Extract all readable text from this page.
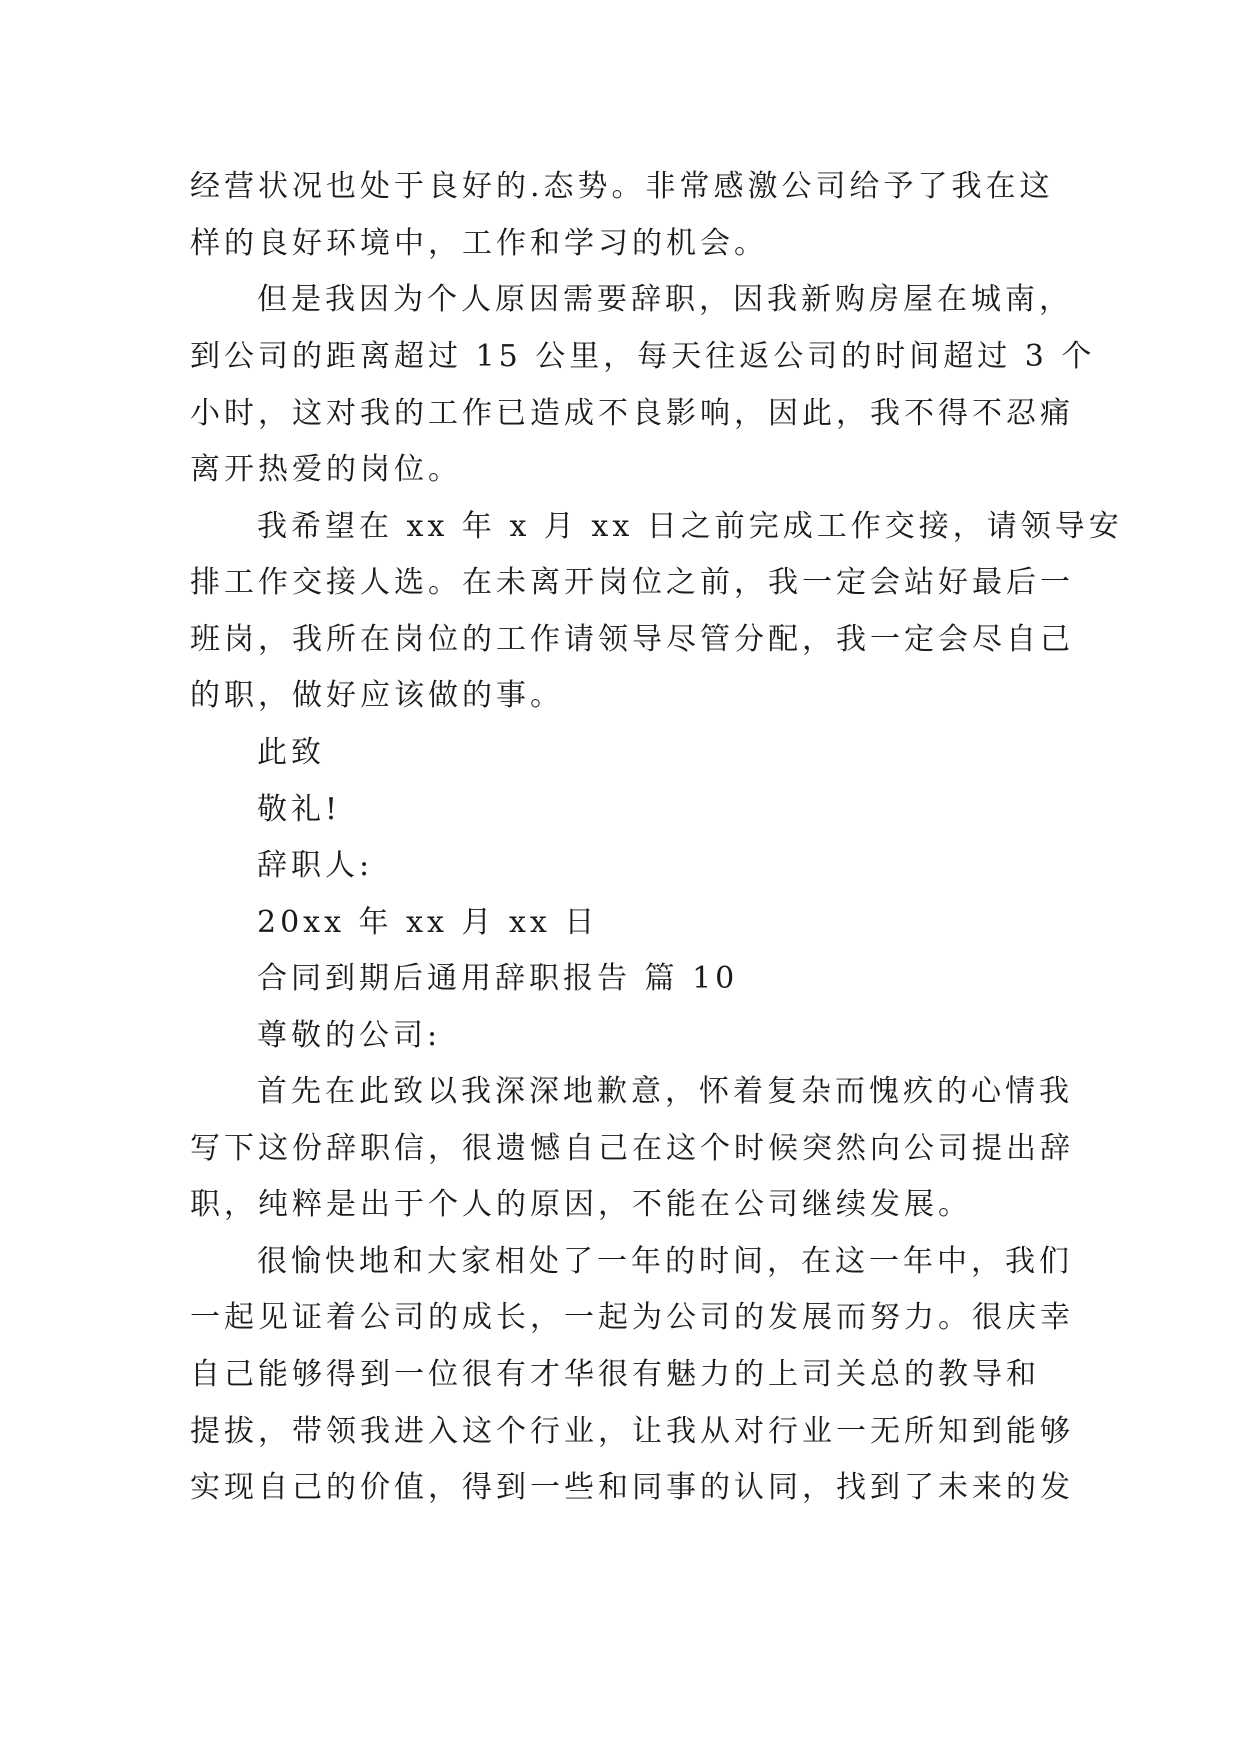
经营状况也处于良好的.态势。非常感激公司给予了我在这

样的良好环境中，工作和学习的机会。

但是我因为个人原因需要辞职，因我新购房屋在城南，

到公司的距离超过 15 公里，每天往返公司的时间超过 3 个

小时，这对我的工作已造成不良影响，因此，我不得不忍痛

离开热爱的岗位。

我希望在 xx 年 x 月 xx 日之前完成工作交接，请领导安

排工作交接人选。在未离开岗位之前，我一定会站好最后一

班岗，我所在岗位的工作请领导尽管分配，我一定会尽自己

的职，做好应该做的事。

此致

敬礼!

辞职人:

20xx 年 xx 月 xx 日

合同到期后通用辞职报告 篇 10

尊敬的公司:

首先在此致以我深深地歉意，怀着复杂而愧疚的心情我

写下这份辞职信，很遗憾自己在这个时候突然向公司提出辞

职，纯粹是出于个人的原因，不能在公司继续发展。

很愉快地和大家相处了一年的时间，在这一年中，我们

一起见证着公司的成长，一起为公司的发展而努力。很庆幸

自己能够得到一位很有才华很有魅力的上司关总的教导和

提拔，带领我进入这个行业，让我从对行业一无所知到能够

实现自己的价值，得到一些和同事的认同，找到了未来的发
